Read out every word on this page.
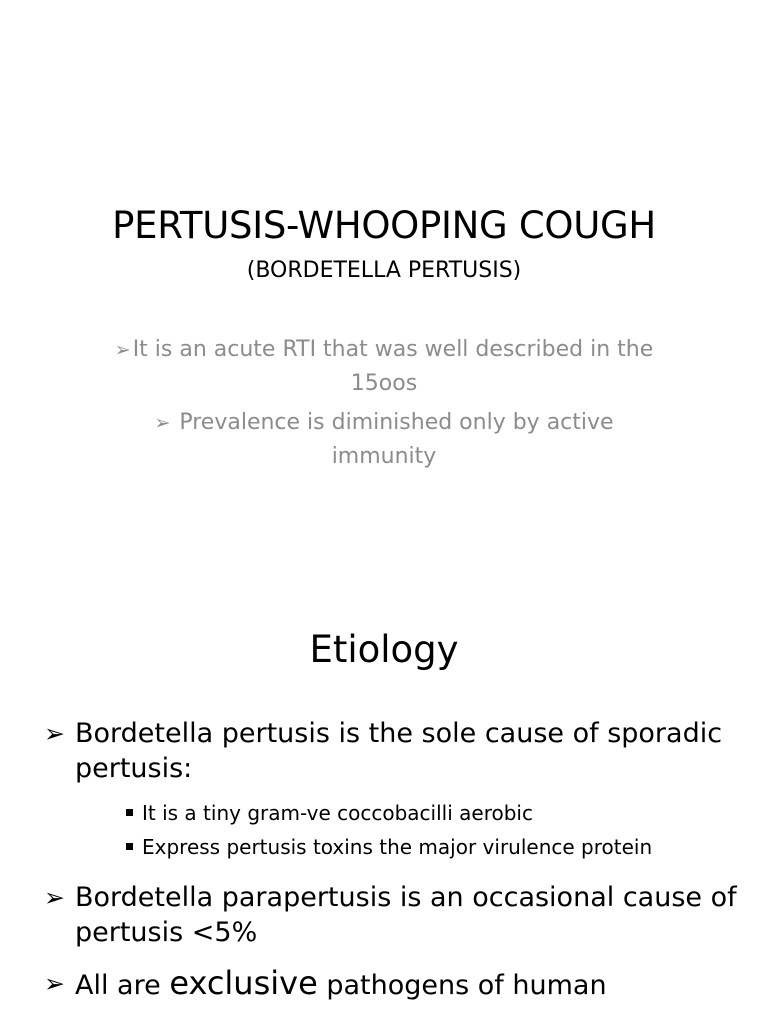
PERTUSIS-WHOOPING COUGH

(BORDETELLA PERTUSIS)

➢It is an acute RTI that was well described in the 15oos
➢ Prevalence is diminished only by active immunity
Etiology
➢ Bordetella pertusis is the sole cause of sporadic pertusis:
It is a tiny gram-ve coccobacilli aerobic
Express pertusis toxins the major virulence protein
➢ Bordetella parapertusis is an occasional cause of pertusis <5%
➢ All are exclusive pathogens of human
